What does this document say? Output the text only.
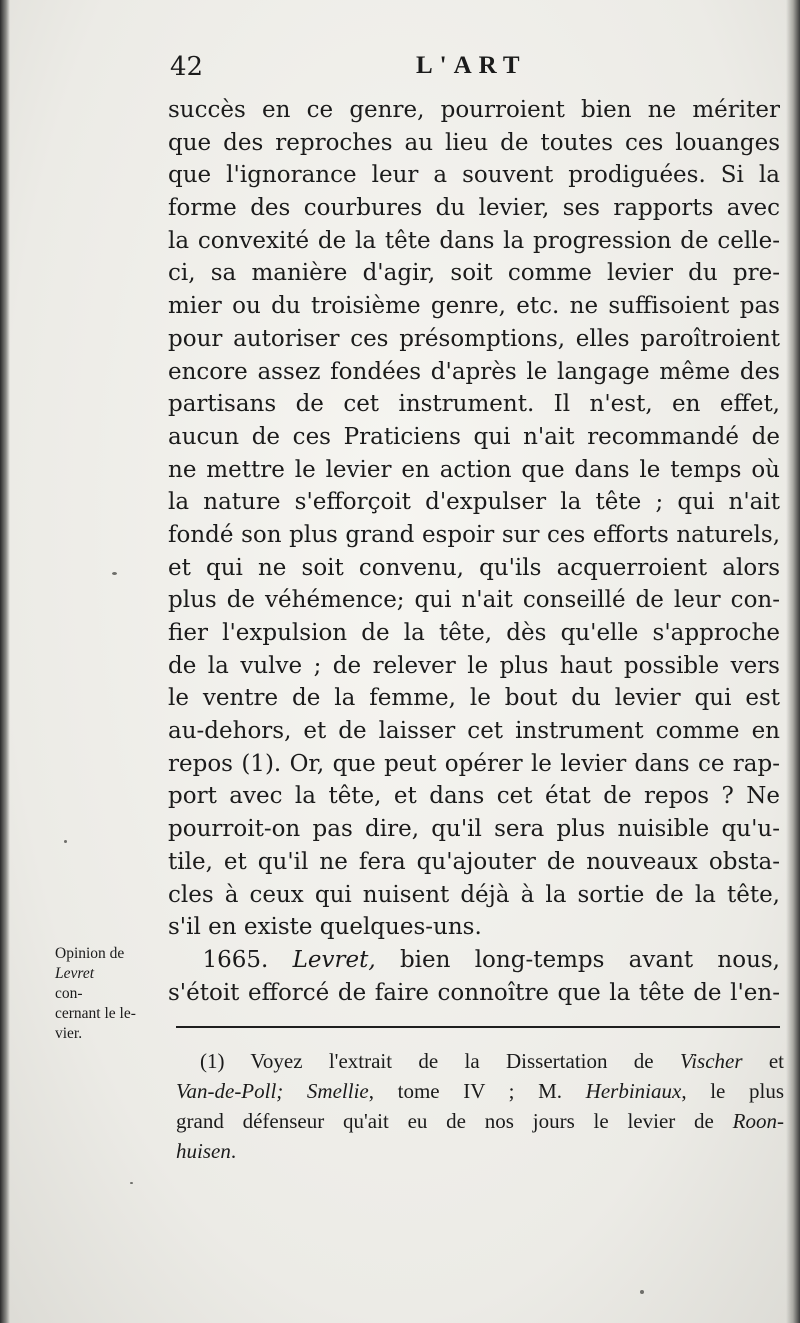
42	L'ART
succès en ce genre, pourroient bien ne mériter
que des reproches au lieu de toutes ces louanges
que l'ignorance leur a souvent prodiguées. Si la
forme des courbures du levier, ses rapports avec
la convexité de la tête dans la progression de celle-
ci, sa manière d'agir, soit comme levier du pre-
mier ou du troisième genre, etc. ne suffisoient pas
pour autoriser ces présomptions, elles paroîtroient
encore assez fondées d'après le langage même des
partisans de cet instrument. Il n'est, en effet,
aucun de ces Praticiens qui n'ait recommandé de
ne mettre le levier en action que dans le temps où
la nature s'efforçoit d'expulser la tête ; qui n'ait
fondé son plus grand espoir sur ces efforts naturels,
et qui ne soit convenu, qu'ils acquerroient alors
plus de véhémence; qui n'ait conseillé de leur con-
fier l'expulsion de la tête, dès qu'elle s'approche
de la vulve ; de relever le plus haut possible vers
le ventre de la femme, le bout du levier qui est
au-dehors, et de laisser cet instrument comme en
repos (1). Or, que peut opérer le levier dans ce rap-
port avec la tête, et dans cet état de repos ? Ne
pourroit-on pas dire, qu'il sera plus nuisible qu'u-
tile, et qu'il ne fera qu'ajouter de nouveaux obsta-
cles à ceux qui nuisent déjà à la sortie de la tête,
s'il en existe quelques-uns.
   1665. Levret, bien long-temps avant nous,
s'étoit efforcé de faire connoître que la tête de l'en-
Opinion de
Levret
con-
cernant le le-
vier.
(1) Voyez l'extrait de la Dissertation de Vischer et
Van-de-Poll; Smellie, tome IV ; M. Herbiniaux, le plus
grand défenseur qu'ait eu de nos jours le levier de Roon-
huisen.
